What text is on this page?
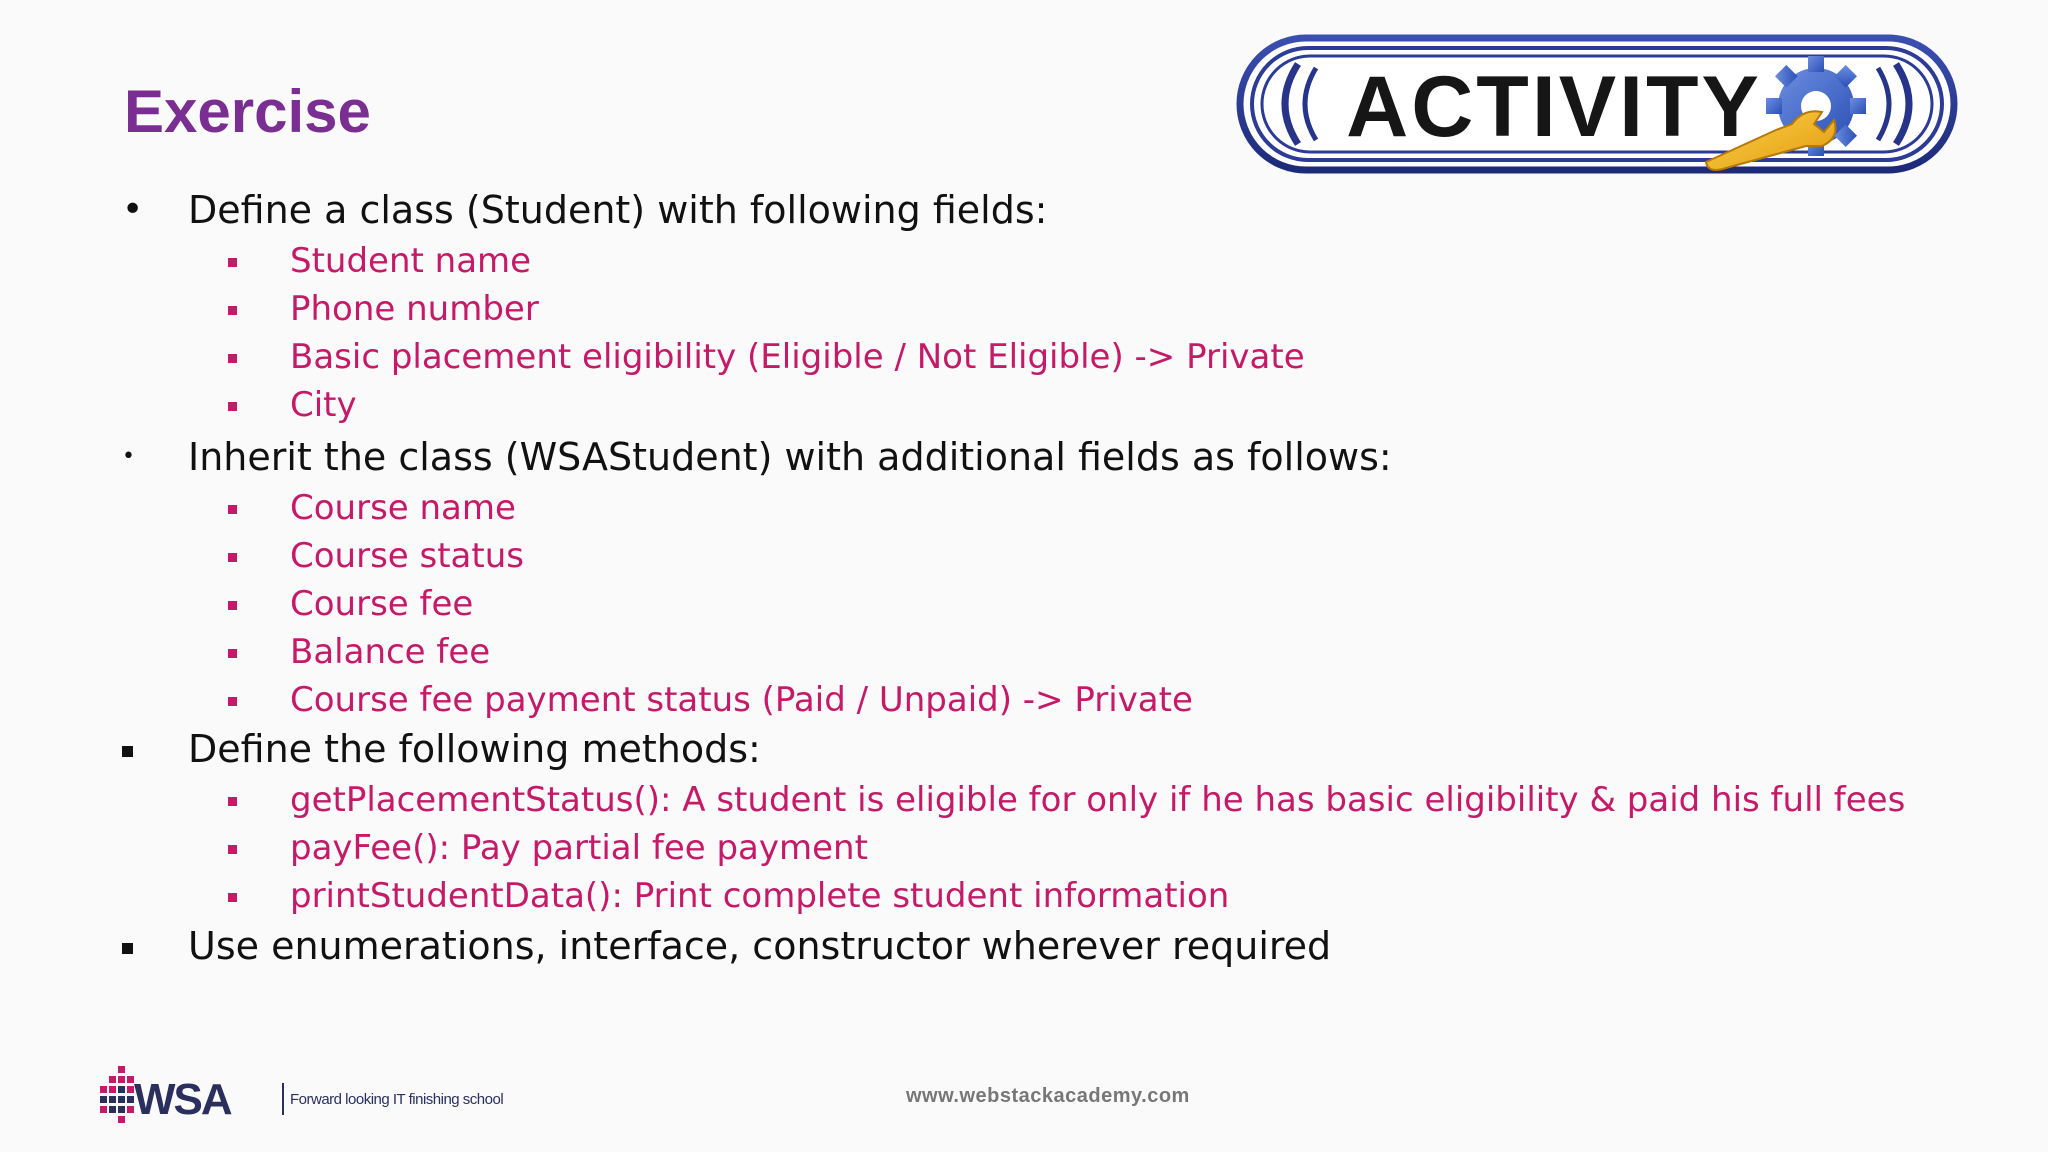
Exercise	ACTIVITY
• Define a class (Student) with following fields:
Student name
Phone number
Basic placement eligibility (Eligible / Not Eligible) -> Private
City
• Inherit the class (WSAStudent) with additional fields as follows:
Course name
Course status
Course fee
Balance fee
Course fee payment status (Paid / Unpaid) -> Private
Define the following methods:
getPlacementStatus(): A student is eligible for only if he has basic eligibility & paid his full fees
payFee(): Pay partial fee payment
printStudentData(): Print complete student information
Use enumerations, interface, constructor wherever required
WSA	Forward looking IT finishing school	www.webstackacademy.com
